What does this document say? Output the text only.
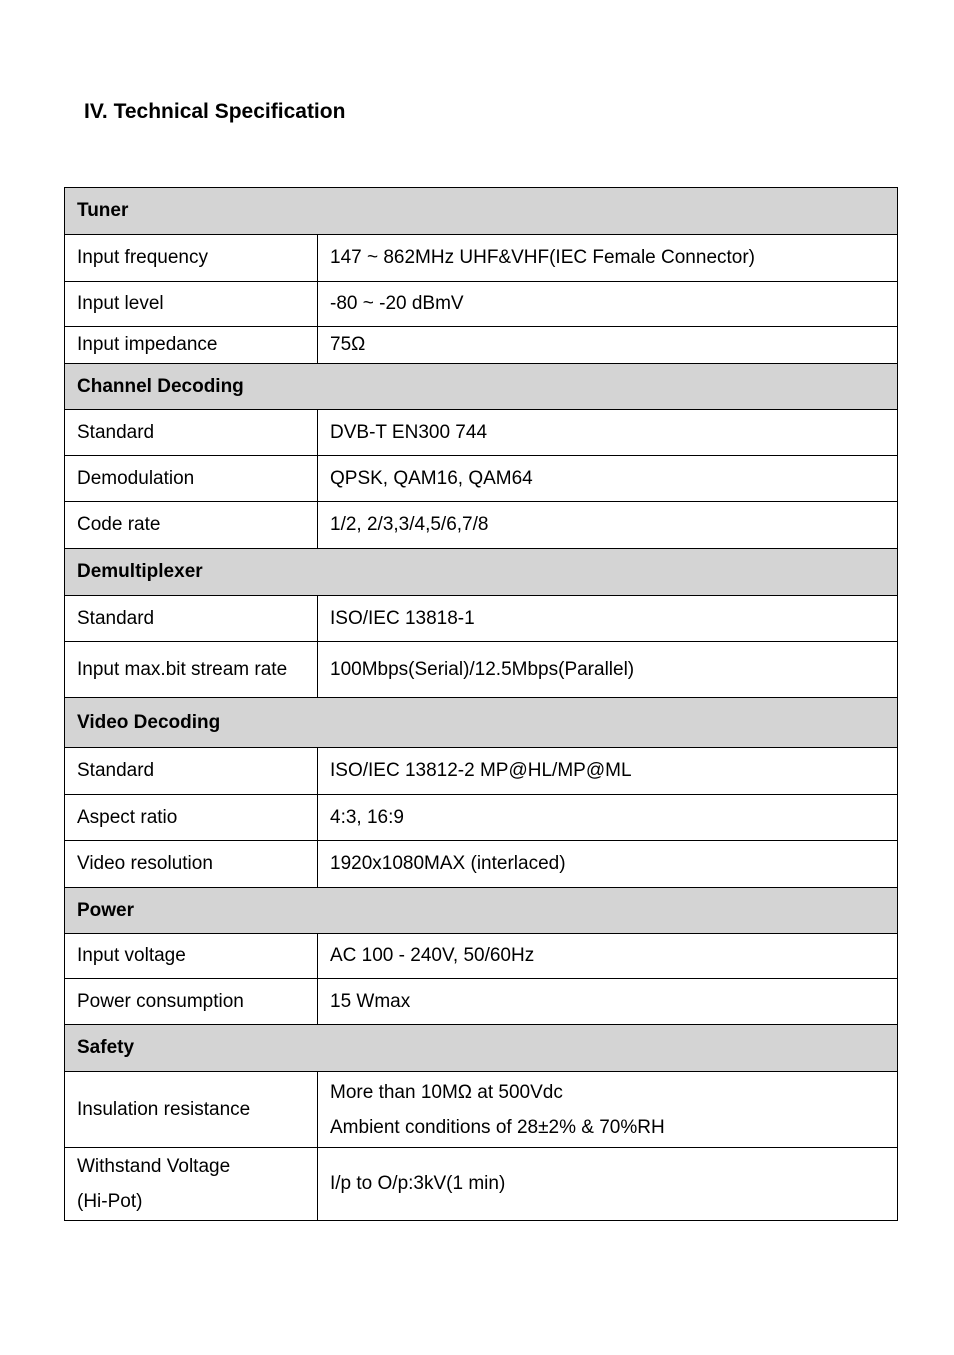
IV. Technical Specification
Tuner	
Input frequency	147 ~ 862MHz UHF&VHF(IEC Female Connector)
Input level	-80 ~ -20 dBmV
Input impedance	75Ω
Channel Decoding	
Standard	DVB-T EN300 744
Demodulation	QPSK, QAM16, QAM64
Code rate	1/2, 2/3,3/4,5/6,7/8
Demultiplexer	
Standard	ISO/IEC 13818-1
Input max.bit stream rate	100Mbps(Serial)/12.5Mbps(Parallel)
Video Decoding	
Standard	ISO/IEC 13812-2 MP@HL/MP@ML
Aspect ratio	4:3, 16:9
Video resolution	1920x1080MAX (interlaced)
Power	
Input voltage	AC 100 - 240V, 50/60Hz
Power consumption	15 Wmax
Safety	
Insulation resistance	More than 10MΩ at 500Vdc
Ambient conditions of 28±2% & 70%RH

Withstand Voltage
(Hi-Pot)	I/p to O/p:3kV(1 min)
